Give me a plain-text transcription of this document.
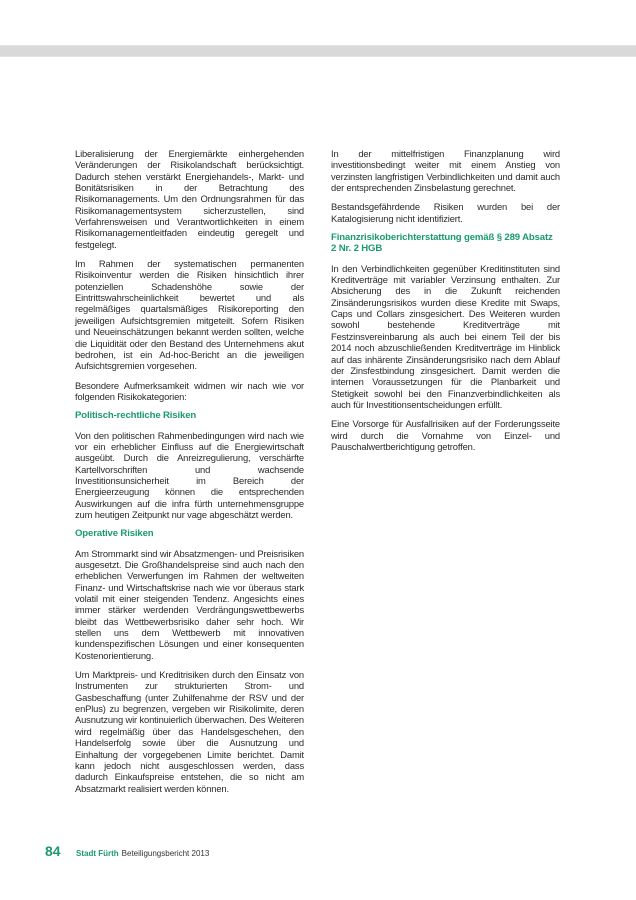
Liberalisierung der Energiemärkte einhergehenden Veränderungen der Risikolandschaft berücksichtigt. Dadurch stehen verstärkt Energiehandels-, Markt- und Bonitätsrisiken in der Betrachtung des Risikomanagements. Um den Ordnungsrahmen für das Risikomanagementsystem sicherzustellen, sind Verfahrensweisen und Verantwortlichkeiten in einem Risikomanagementleitfaden eindeutig geregelt und festgelegt.

Im Rahmen der systematischen permanenten Risikoinventur werden die Risiken hinsichtlich ihrer potenziellen Schadenshöhe sowie der Eintrittswahrscheinlichkeit bewertet und als regelmäßiges quartalsmäßiges Risikoreporting den jeweiligen Aufsichtsgremien mitgeteilt. Sofern Risiken und Neueinschätzungen bekannt werden sollten, welche die Liquidität oder den Bestand des Unternehmens akut bedrohen, ist ein Ad-hoc-Bericht an die jeweiligen Aufsichtsgremien vorgesehen.

Besondere Aufmerksamkeit widmen wir nach wie vor folgenden Risikokategorien:

Politisch-rechtliche Risiken

Von den politischen Rahmenbedingungen wird nach wie vor ein erheblicher Einfluss auf die Energiewirtschaft ausgeübt. Durch die Anreizregulierung, verschärfte Kartellvorschriften und wachsende Investitionsunsicherheit im Bereich der Energieerzeugung können die entsprechenden Auswirkungen auf die infra fürth unternehmensgruppe zum heutigen Zeitpunkt nur vage abgeschätzt werden.

Operative Risiken

Am Strommarkt sind wir Absatzmengen- und Preisrisiken ausgesetzt. Die Großhandelspreise sind auch nach den erheblichen Verwerfungen im Rahmen der weltweiten Finanz- und Wirtschaftskrise nach wie vor überaus stark volatil mit einer steigenden Tendenz. Angesichts eines immer stärker werdenden Verdrängungswettbewerbs bleibt das Wettbewerbsrisiko daher sehr hoch. Wir stellen uns dem Wettbewerb mit innovativen kundenspezifischen Lösungen und einer konsequenten Kostenorientierung.

Um Marktpreis- und Kreditrisiken durch den Einsatz von Instrumenten zur strukturierten Strom- und Gasbeschaffung (unter Zuhilfenahme der RSV und der enPlus) zu begrenzen, vergeben wir Risikolimite, deren Ausnutzung wir kontinuierlich überwachen. Des Weiteren wird regelmäßig über das Handelsgeschehen, den Handelserfolg sowie über die Ausnutzung und Einhaltung der vorgegebenen Limite berichtet. Damit kann jedoch nicht ausgeschlossen werden, dass dadurch Einkaufspreise entstehen, die so nicht am Absatzmarkt realisiert werden können.

In der mittelfristigen Finanzplanung wird investitionsbedingt weiter mit einem Anstieg von verzinsten langfristigen Verbindlichkeiten und damit auch der entsprechenden Zinsbelastung gerechnet.

Bestandsgefährdende Risiken wurden bei der Katalogisierung nicht identifiziert.

Finanzrisikoberichterstattung gemäß § 289 Absatz 2 Nr. 2 HGB

In den Verbindlichkeiten gegenüber Kreditinstituten sind Kreditverträge mit variabler Verzinsung enthalten. Zur Absicherung des in die Zukunft reichenden Zinsänderungsrisikos wurden diese Kredite mit Swaps, Caps und Collars zinsgesichert. Des Weiteren wurden sowohl bestehende Kreditverträge mit Festzinsvereinbarung als auch bei einem Teil der bis 2014 noch abzuschließenden Kreditverträge im Hinblick auf das inhärente Zinsänderungsrisiko nach dem Ablauf der Zinsfestbindung zinsgesichert. Damit werden die internen Voraussetzungen für die Planbarkeit und Stetigkeit sowohl bei den Finanzverbindlichkeiten als auch für Investitionsentscheidungen erfüllt.

Eine Vorsorge für Ausfallrisiken auf der Forderungsseite wird durch die Vornahme von Einzel- und Pauschalwertberichtigung getroffen.

84	Stadt Fürth Beteiligungsbericht 2013
